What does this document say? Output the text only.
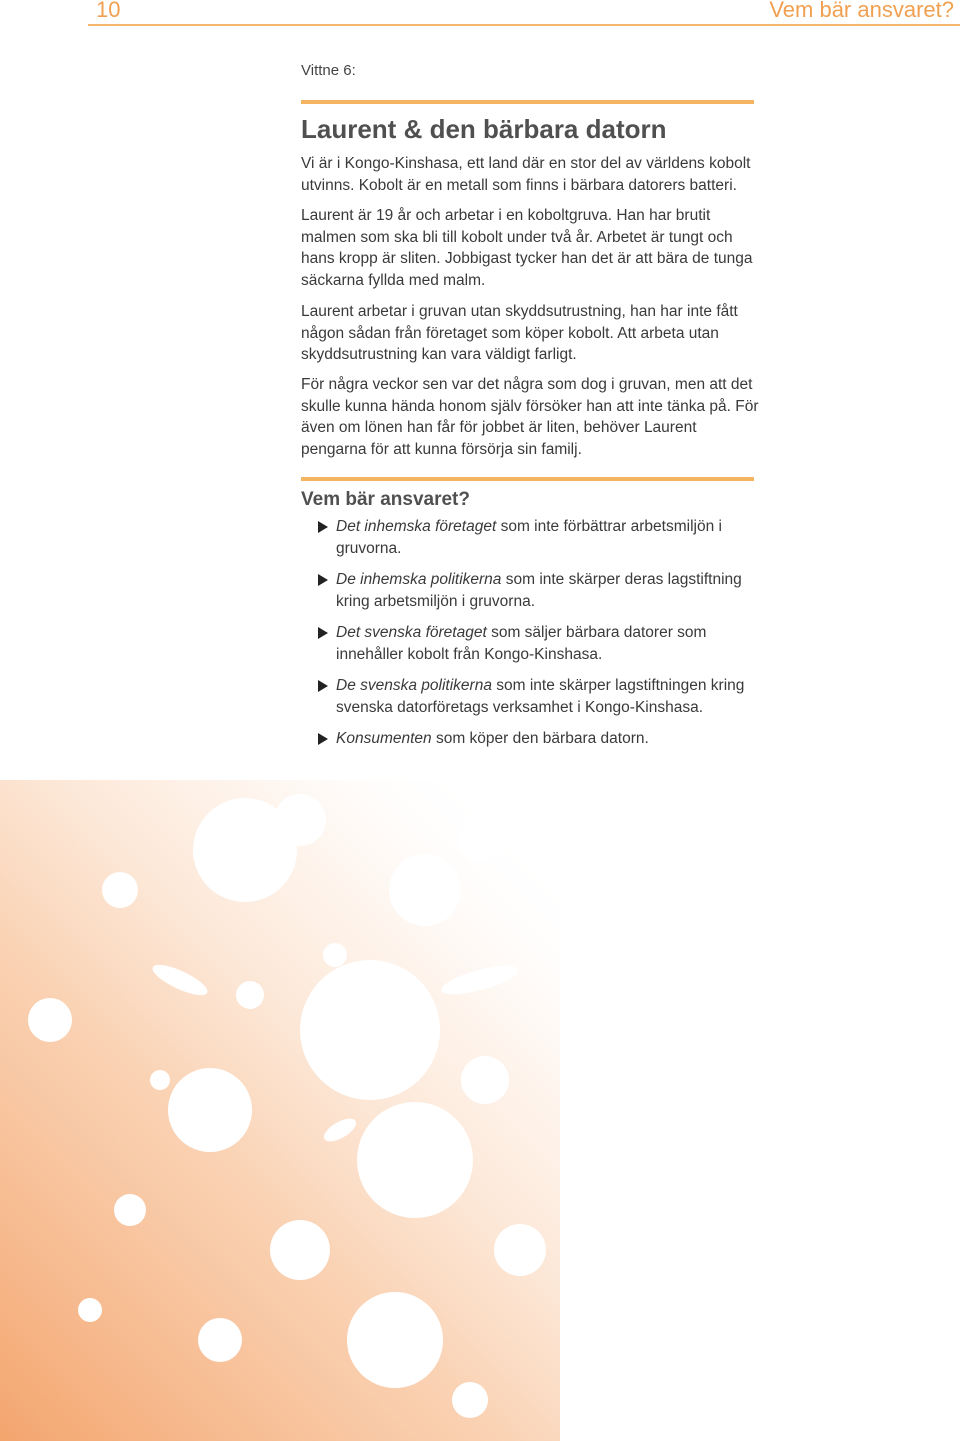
10	Vem bär ansvaret?
Vittne 6:
Laurent & den bärbara datorn

Vi är i Kongo-Kinshasa, ett land där en stor del av världens kobolt utvinns. Kobolt är en metall som finns i bärbara datorers batteri.

Laurent är 19 år och arbetar i en koboltgruva. Han har brutit malmen som ska bli till kobolt under två år. Arbetet är tungt och hans kropp är sliten. Jobbigast tycker han det är att bära de tunga säckarna fyllda med malm.

Laurent arbetar i gruvan utan skyddsutrustning, han har inte fått någon sådan från företaget som köper kobolt. Att arbeta utan skyddsutrustning kan vara väldigt farligt.

För några veckor sen var det några som dog i gruvan, men att det skulle kunna hända honom själv försöker han att inte tänka på. För även om lönen han får för jobbet är liten, behöver Laurent pengarna för att kunna försörja sin familj.

Vem bär ansvaret?
Det inhemska företaget som inte förbättrar arbetsmiljön i gruvorna.
De inhemska politikerna som inte skärper deras lagstiftning kring arbetsmiljön i gruvorna.
Det svenska företaget som säljer bärbara datorer som innehåller kobolt från Kongo-Kinshasa.
De svenska politikerna som inte skärper lagstiftningen kring svenska datorföretags verksamhet i Kongo-Kinshasa.
Konsumenten som köper den bärbara datorn.
